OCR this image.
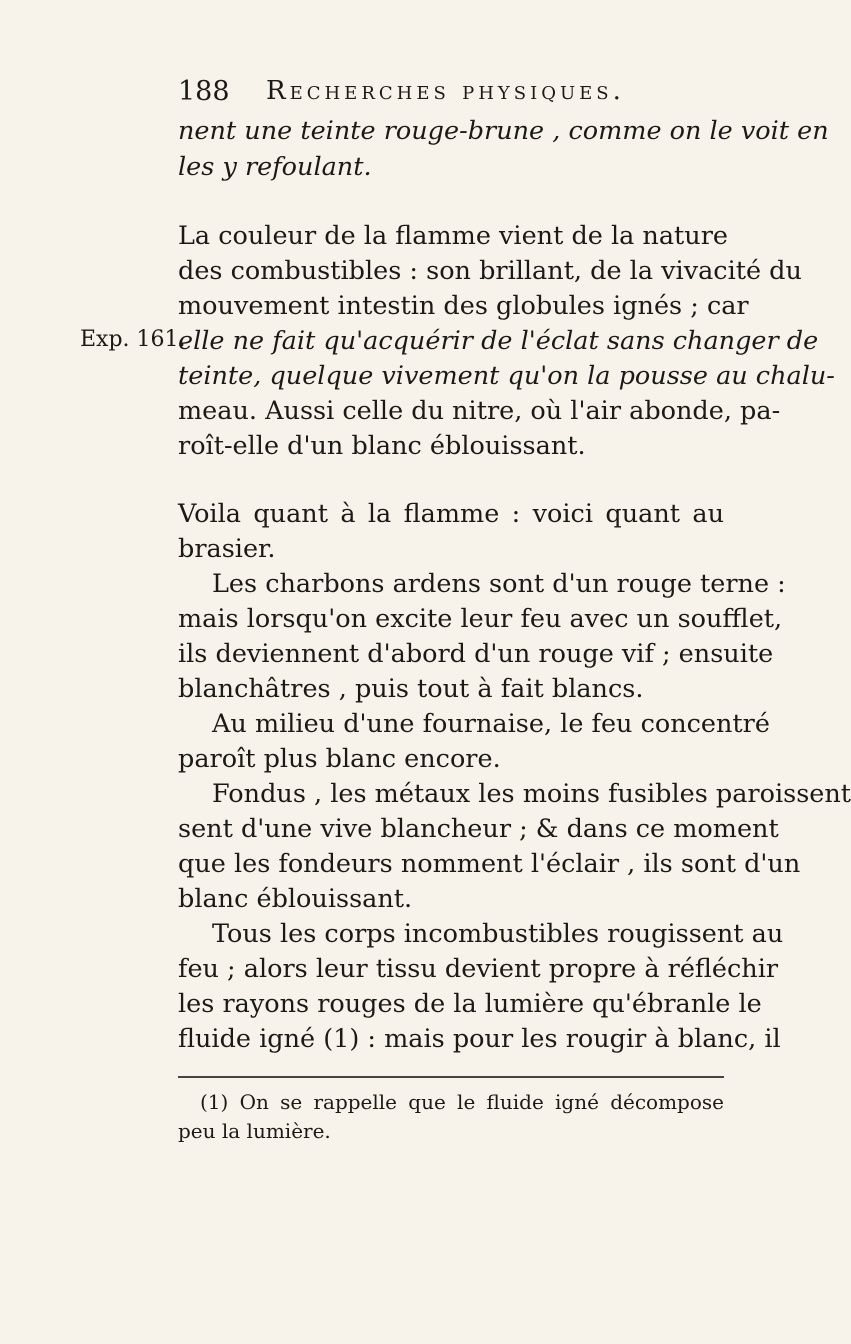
188 Recherches physiques.
Exp. 161.
nent une teinte rouge-brune , comme on le voit en
les y refoulant.
La couleur de la flamme vient de la nature
des combustibles : son brillant, de la vivacité du
mouvement intestin des globules ignés ; car
elle ne fait qu'acquérir de l'éclat sans changer de
teinte, quelque vivement qu'on la pousse au chalu-
meau. Aussi celle du nitre, où l'air abonde, pa-
roît-elle d'un blanc éblouissant.
Voila quant à la flamme : voici quant au
brasier.
Les charbons ardens sont d'un rouge terne :
mais lorsqu'on excite leur feu avec un soufflet,
ils deviennent d'abord d'un rouge vif ; ensuite
blanchâtres , puis tout à fait blancs.
Au milieu d'une fournaise, le feu concentré
paroît plus blanc encore.
Fondus , les métaux les moins fusibles paroissent
sent d'une vive blancheur ; & dans ce moment
que les fondeurs nomment l'éclair , ils sont d'un
blanc éblouissant.
Tous les corps incombustibles rougissent au
feu ; alors leur tissu devient propre à réfléchir
les rayons rouges de la lumière qu'ébranle le
fluide igné (1) : mais pour les rougir à blanc, il
(1) On se rappelle que le fluide igné décompose
peu la lumière.
